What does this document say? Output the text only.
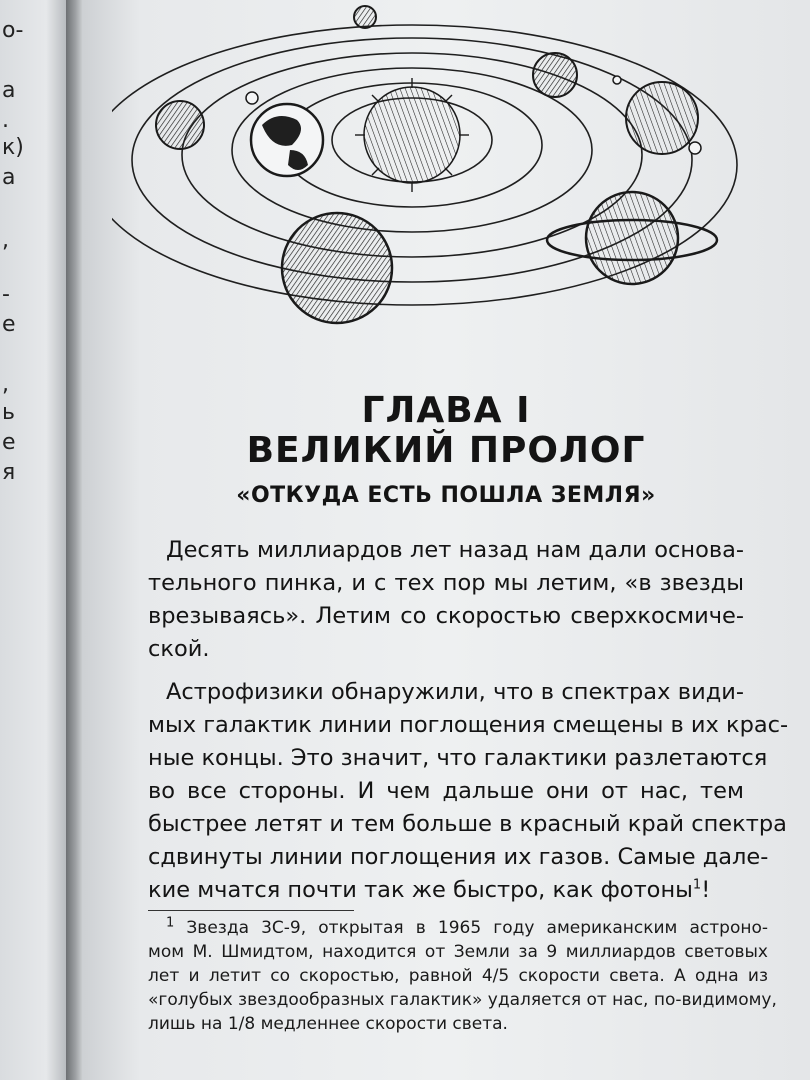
о-
а
.
к)
а
,
-
е
,
ь
е
я
ГЛАВА I
ВЕЛИКИЙ ПРОЛОГ
«ОТКУДА ЕСТЬ ПОШЛА ЗЕМЛЯ»
Десять миллиардов лет назад нам дали основа-
тельного пинка, и с тех пор мы летим, «в звезды
врезываясь». Летим со скоростью сверхкосмиче-
ской.
Астрофизики обнаружили, что в спектрах види-
мых галактик линии поглощения смещены в их крас-
ные концы. Это значит, что галактики разлетаются
во все стороны. И чем дальше они от нас, тем
быстрее летят и тем больше в красный край спектра
сдвинуты линии поглощения их газов. Самые дале-
кие мчатся почти так же быстро, как фотоны$^1$!
$^1$ Звезда 3С-9, открытая в 1965 году американским астроно-
мом М. Шмидтом, находится от Земли за 9 миллиардов световых
лет и летит со скоростью, равной 4/5 скорости света. А одна из
«голубых звездообразных галактик» удаляется от нас, по-видимому,
лишь на 1/8 медленнее скорости света.
